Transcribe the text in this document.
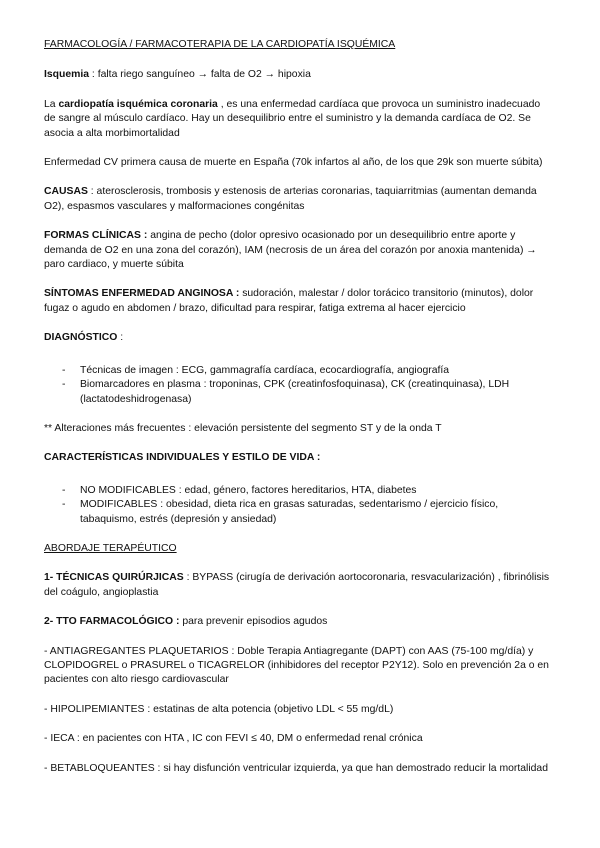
FARMACOLOGÍA / FARMACOTERAPIA DE LA CARDIOPATÍA ISQUÉMICA

Isquemia : falta riego sanguíneo → falta de O2 → hipoxia

La cardiopatía isquémica coronaria , es una enfermedad cardíaca que provoca un suministro inadecuado de sangre al músculo cardíaco. Hay un desequilibrio entre el suministro y la demanda cardíaca de O2. Se asocia a alta morbimortalidad

Enfermedad CV primera causa de muerte en España (70k infartos al año, de los que 29k son muerte súbita)

CAUSAS : aterosclerosis, trombosis y estenosis de arterias coronarias, taquiarritmias (aumentan demanda O2), espasmos vasculares y malformaciones congénitas

FORMAS CLÍNICAS : angina de pecho (dolor opresivo ocasionado por un desequilibrio entre aporte y demanda de O2 en una zona del corazón), IAM (necrosis de un área del corazón por anoxia mantenida) → paro cardiaco, y muerte súbita

SÍNTOMAS ENFERMEDAD ANGINOSA : sudoración, malestar / dolor torácico transitorio (minutos), dolor fugaz o agudo en abdomen / brazo, dificultad para respirar, fatiga extrema al hacer ejercicio

DIAGNÓSTICO :

- Técnicas de imagen : ECG, gammagrafía cardíaca, ecocardiografía, angiografía
- Biomarcadores en plasma : troponinas, CPK (creatinfosfoquinasa), CK (creatinquinasa), LDH (lactatodeshidrogenasa)

** Alteraciones más frecuentes : elevación persistente del segmento ST y de la onda T

CARACTERÍSTICAS INDIVIDUALES Y ESTILO DE VIDA :

- NO MODIFICABLES : edad, género, factores hereditarios, HTA, diabetes
- MODIFICABLES : obesidad, dieta rica en grasas saturadas, sedentarismo / ejercicio físico, tabaquismo, estrés (depresión y ansiedad)

ABORDAJE TERAPÉUTICO

1- TÉCNICAS QUIRÚRJICAS : BYPASS (cirugía de derivación aortocoronaria, resvacularización) , fibrinólisis del coágulo, angioplastia

2- TTO FARMACOLÓGICO : para prevenir episodios agudos

- ANTIAGREGANTES PLAQUETARIOS : Doble Terapia Antiagregante (DAPT) con AAS (75-100 mg/día) y CLOPIDOGREL o PRASUREL o TICAGRELOR (inhibidores del receptor P2Y12). Solo en prevención 2a o en pacientes con alto riesgo cardiovascular

- HIPOLIPEMIANTES : estatinas de alta potencia (objetivo LDL < 55 mg/dL)

- IECA : en pacientes con HTA , IC con FEVI ≤ 40, DM o enfermedad renal crónica

- BETABLOQUEANTES : si hay disfunción ventricular izquierda, ya que han demostrado reducir la mortalidad
